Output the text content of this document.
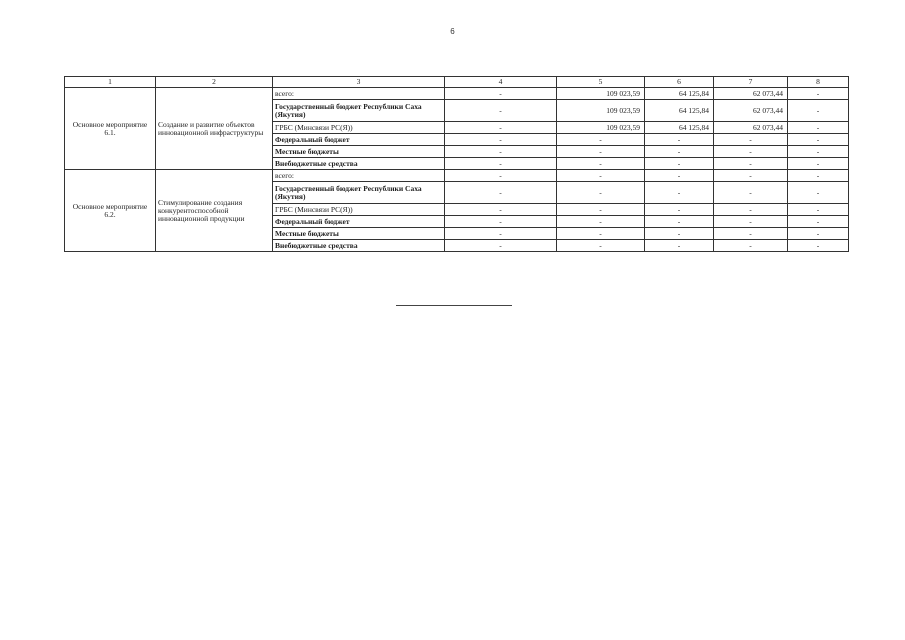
6
1	2	3	4	5	6	7	8
Основное мероприятие 6.1.	Создание и развитие объектов инновационной инфраструктуры	всего:	-	109 023,59	64 125,84	62 073,44	-
		Государственный бюджет Республики Саха (Якутия)	-	109 023,59	64 125,84	62 073,44	-
		ГРБС (Минсвязи РС(Я))	-	109 023,59	64 125,84	62 073,44	-
		Федеральный бюджет	-	-	-	-	-
		Местные бюджеты	-	-	-	-	-
		Внебюджетные средства	-	-	-	-	-
Основное мероприятие 6.2.	Стимулирование создания конкурентоспособной инновационной продукции	всего:	-	-	-	-	-
		Государственный бюджет Республики Саха (Якутия)	-	-	-	-	-
		ГРБС (Минсвязи РС(Я))	-	-	-	-	-
		Федеральный бюджет	-	-	-	-	-
		Местные бюджеты	-	-	-	-	-
		Внебюджетные средства	-	-	-	-	-
